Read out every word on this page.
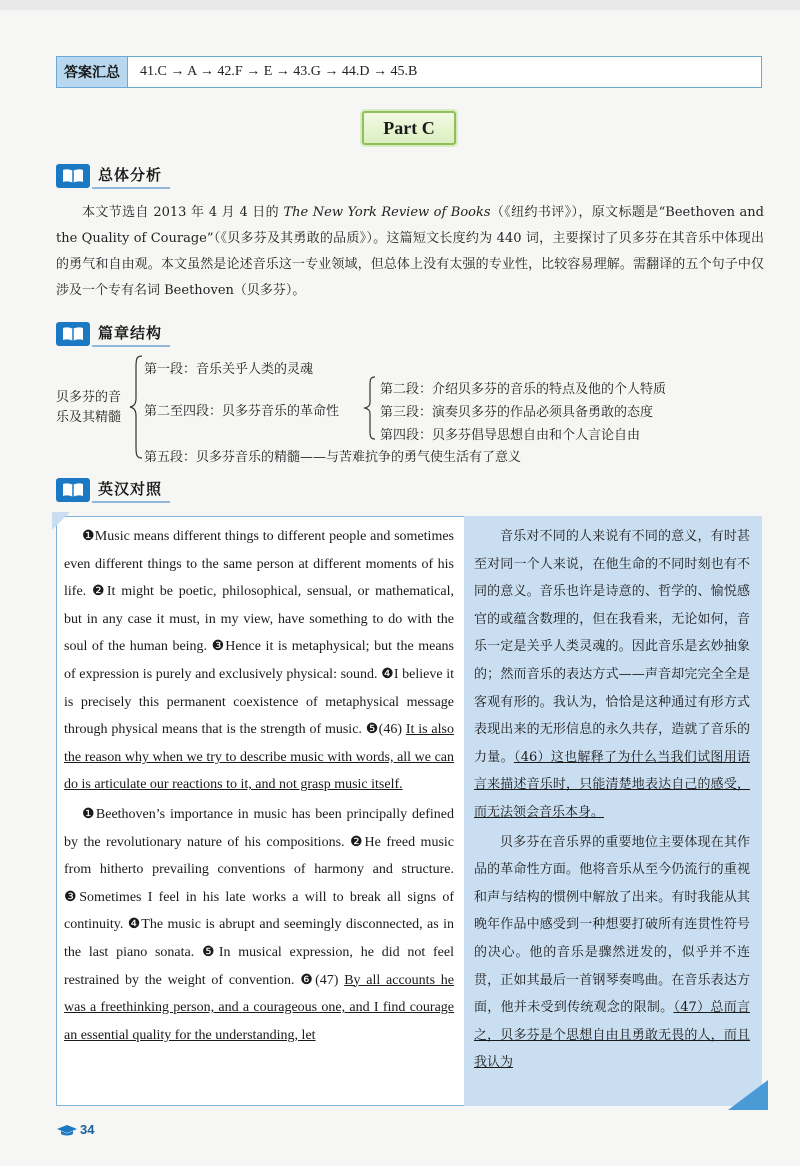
答案汇总	41.C → A → 42.F → E → 43.G → 44.D → 45.B
Part C
总体分析
本文节选自 2013 年 4 月 4 日的 The New York Review of Books（《纽约书评》），原文标题是“Beethoven and the Quality of Courage”（《贝多芬及其勇敢的品质》）。这篇短文长度约为 440 词，主要探讨了贝多芬在其音乐中体现出的勇气和自由观。本文虽然是论述音乐这一专业领域，但总体上没有太强的专业性，比较容易理解。需翻译的五个句子中仅涉及一个专有名词 Beethoven（贝多芬）。
篇章结构
贝多芬的音乐及其精髓
第一段：音乐关乎人类的灵魂
第二至四段：贝多芬音乐的革命性
第二段：介绍贝多芬的音乐的特点及他的个人特质
第三段：演奏贝多芬的作品必须具备勇敢的态度
第四段：贝多芬倡导思想自由和个人言论自由
第五段：贝多芬音乐的精髓——与苦难抗争的勇气使生活有了意义
英汉对照

❶Music means different things to different people and sometimes even different things to the same person at different moments of his life. ❷It might be poetic, philosophical, sensual, or mathematical, but in any case it must, in my view, have something to do with the soul of the human being. ❸Hence it is metaphysical; but the means of expression is purely and exclusively physical: sound. ❹I believe it is precisely this permanent coexistence of metaphysical message through physical means that is the strength of music. ❺(46) It is also the reason why when we try to describe music with words, all we can do is articulate our reactions to it, and not grasp music itself.

❶Beethoven’s importance in music has been principally defined by the revolutionary nature of his compositions. ❷He freed music from hitherto prevailing conventions of harmony and structure. ❸Sometimes I feel in his late works a will to break all signs of continuity. ❹The music is abrupt and seemingly disconnected, as in the last piano sonata. ❺In musical expression, he did not feel restrained by the weight of convention. ❻(47) By all accounts he was a freethinking person, and a courageous one, and I find courage an essential quality for the understanding, let

音乐对不同的人来说有不同的意义，有时甚至对同一个人来说，在他生命的不同时刻也有不同的意义。音乐也许是诗意的、哲学的、愉悦感官的或蕴含数理的，但在我看来，无论如何，音乐一定是关乎人类灵魂的。因此音乐是玄妙抽象的；然而音乐的表达方式——声音却完完全全是客观有形的。我认为，恰恰是这种通过有形方式表现出来的无形信息的永久共存，造就了音乐的力量。（46）这也解释了为什么当我们试图用语言来描述音乐时，只能清楚地表达自己的感受，而无法领会音乐本身。

贝多芬在音乐界的重要地位主要体现在其作品的革命性方面。他将音乐从至今仍流行的重视和声与结构的惯例中解放了出来。有时我能从其晚年作品中感受到一种想要打破所有连贯性符号的决心。他的音乐是骤然迸发的，似乎并不连贯，正如其最后一首钢琴奏鸣曲。在音乐表达方面，他并未受到传统观念的限制。（47）总而言之，贝多芬是个思想自由且勇敢无畏的人，而且我认为

34
